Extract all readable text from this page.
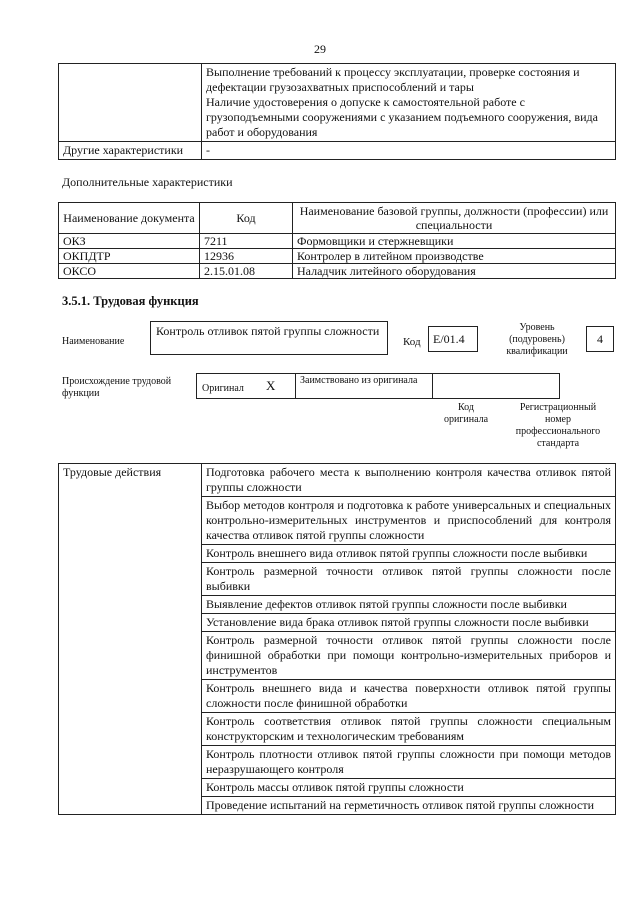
29

	Выполнение требований к процессу эксплуатации, проверке состояния и дефектации грузозахватных приспособлений и тары
Наличие удостоверения о допуске к самостоятельной работе с грузоподъемными сооружениями с указанием подъемного сооружения, вида работ и оборудования

Другие характеристики	-
Дополнительные характеристики
Наименование документа	Код	Наименование базовой группы, должности (профессии) или специальности
ОКЗ	7211	Формовщики и стержневщики
ОКПДТР	12936	Контролер в литейном производстве
ОКСО	2.15.01.08	Наладчик литейного оборудования
3.5.1. Трудовая функция
Наименование
Контроль отливок пятой группы сложности
Код	Е/01.4
Уровень (подуровень) квалификации
4
Происхождение трудовой функции	Оригинал X Заимствовано из оригинала
Код оригинала
Регистрационный номер профессионального стандарта
Трудовые действия	Подготовка рабочего места к выполнению контроля качества отливок пятой группы сложности
Выбор методов контроля и подготовка к работе универсальных и специальных контрольно-измерительных инструментов и приспособлений для контроля качества отливок пятой группы сложности
Контроль внешнего вида отливок пятой группы сложности после выбивки
Контроль размерной точности отливок пятой группы сложности после выбивки
Выявление дефектов отливок пятой группы сложности после выбивки
Установление вида брака отливок пятой группы сложности после выбивки
Контроль размерной точности отливок пятой группы сложности после финишной обработки при помощи контрольно-измерительных приборов и инструментов
Контроль внешнего вида и качества поверхности отливок пятой группы сложности после финишной обработки
Контроль соответствия отливок пятой группы сложности специальным конструкторским и технологическим требованиям
Контроль плотности отливок пятой группы сложности при помощи методов неразрушающего контроля
Контроль массы отливок пятой группы сложности
Проведение испытаний на герметичность отливок пятой группы сложности
